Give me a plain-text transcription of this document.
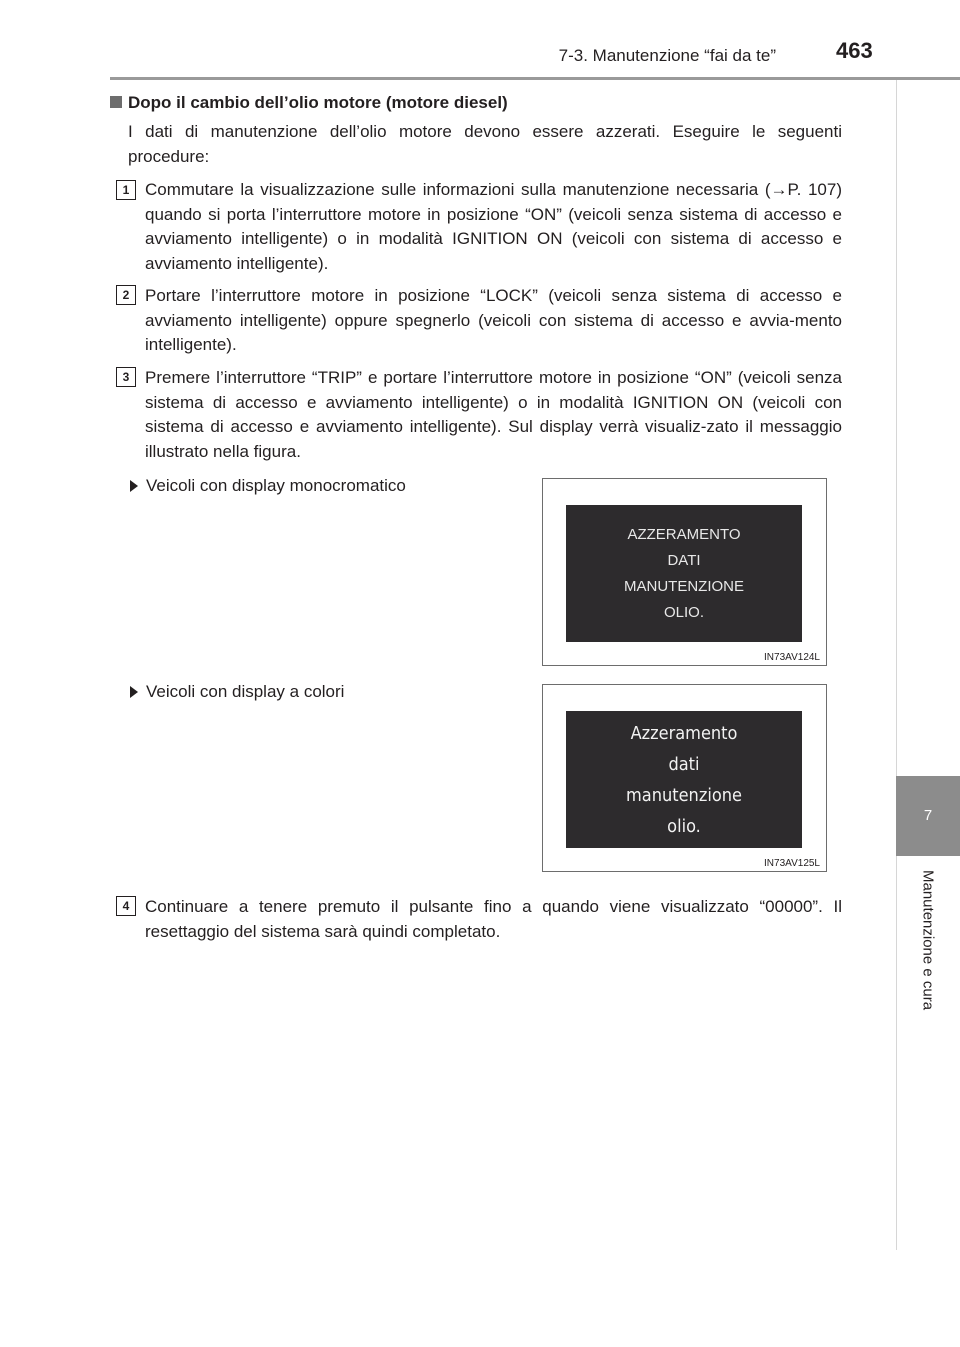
7-3. Manutenzione “fai da te”	463
7
Manutenzione e cura
Dopo il cambio dell’olio motore (motore diesel)
I dati di manutenzione dell’olio motore devono essere azzerati. Eseguire le seguenti procedure:
1 Commutare la visualizzazione sulle informazioni sulla manutenzione necessaria (→P. 107) quando si porta l’interruttore motore in posizione “ON” (veicoli senza sistema di accesso e avviamento intelligente) o in modalità IGNITION ON (veicoli con sistema di accesso e avviamento intelligente).
2 Portare l’interruttore motore in posizione “LOCK” (veicoli senza sistema di accesso e avviamento intelligente) oppure spegnerlo (veicoli con sistema di accesso e avvia-mento intelligente).
3 Premere l’interruttore “TRIP” e portare l’interruttore motore in posizione “ON” (veicoli senza sistema di accesso e avviamento intelligente) o in modalità IGNITION ON (veicoli con sistema di accesso e avviamento intelligente). Sul display verrà visualiz-zato il messaggio illustrato nella figura.
Veicoli con display monocromatico
AZZERAMENTO
DATI
MANUTENZIONE
OLIO.
IN73AV124L
Veicoli con display a colori
Azzeramento
dati
manutenzione
olio.
IN73AV125L
4 Continuare a tenere premuto il pulsante fino a quando viene visualizzato “00000”. Il resettaggio del sistema sarà quindi completato.
